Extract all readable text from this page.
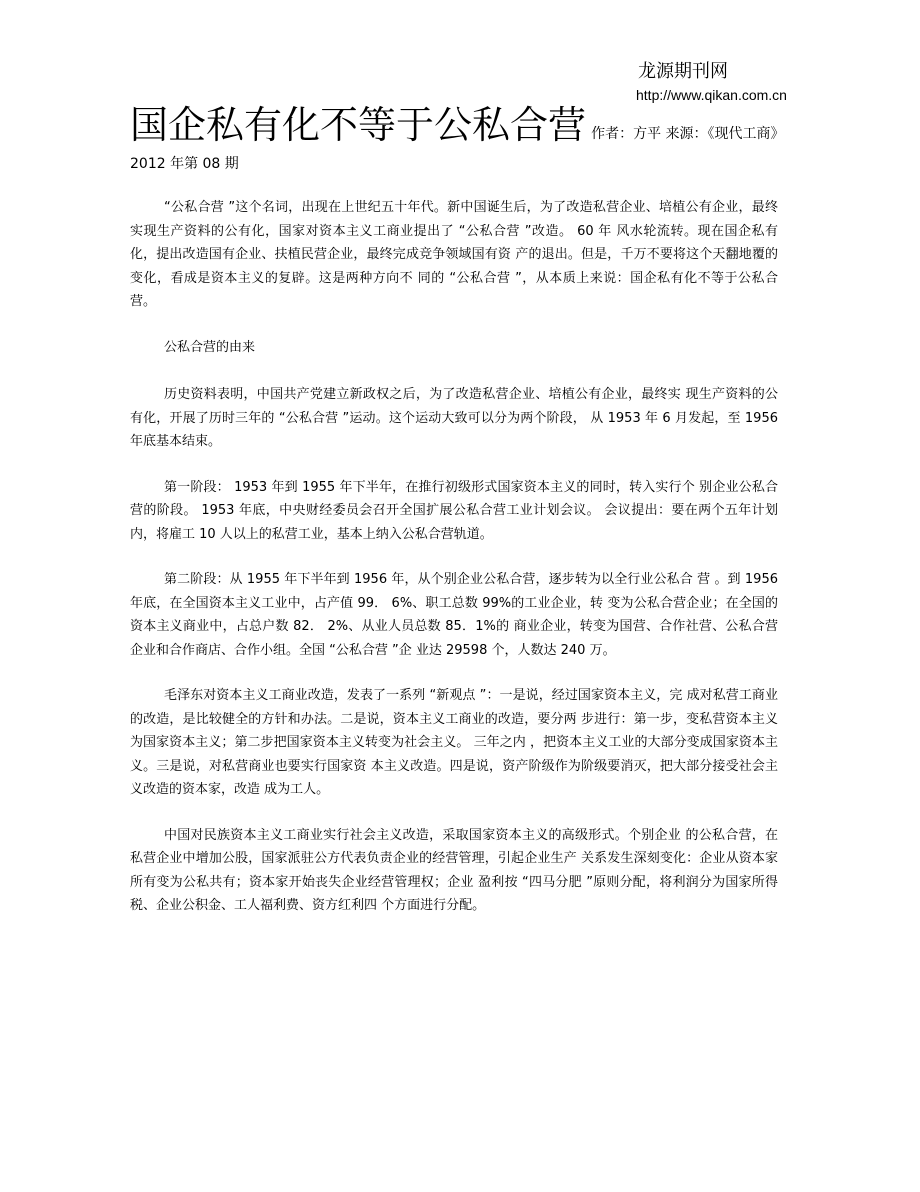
龙源期刊网
http://www.qikan.com.cn
国企私有化不等于公私合营 作者：方平 来源：《现代工商》 2012 年第 08 期

“公私合营 ”这个名词，出现在上世纪五十年代。新中国诞生后，为了改造私营企业、培植公有企业，最终实现生产资料的公有化，国家对资本主义工商业提出了 “公私合营 ”改造。 60 年 风水轮流转。现在国企私有化，提出改造国有企业、扶植民营企业，最终完成竞争领域国有资 产的退出。但是，千万不要将这个天翻地覆的变化，看成是资本主义的复辟。这是两种方向不 同的 “公私合营 ”，从本质上来说：国企私有化不等于公私合营。

公私合营的由来

历史资料表明，中国共产党建立新政权之后，为了改造私营企业、培植公有企业，最终实 现生产资料的公有化，开展了历时三年的 “公私合营 ”运动。这个运动大致可以分为两个阶段， 从 1953 年 6 月发起，至 1956 年底基本结束。

第一阶段： 1953 年到 1955 年下半年，在推行初级形式国家资本主义的同时，转入实行个 别企业公私合营的阶段。 1953 年底，中央财经委员会召开全国扩展公私合营工业计划会议。 会议提出：要在两个五年计划内，将雇工 10 人以上的私营工业，基本上纳入公私合营轨道。

第二阶段：从 1955 年下半年到 1956 年，从个别企业公私合营，逐步转为以全行业公私合 营 。到 1956 年底，在全国资本主义工业中，占产值 99． 6%、职工总数 99%的工业企业，转 变为公私合营企业；在全国的资本主义商业中，占总户数 82． 2%、从业人员总数 85．1%的 商业企业，转变为国营、合作社营、公私合营企业和合作商店、合作小组。全国 “公私合营 ”企 业达 29598 个，人数达 240 万。

毛泽东对资本主义工商业改造，发表了一系列 “新观点 ”：一是说，经过国家资本主义，完 成对私营工商业的改造，是比较健全的方针和办法。二是说，资本主义工商业的改造，要分两 步进行：第一步，变私营资本主义为国家资本主义；第二步把国家资本主义转变为社会主义。 三年之内 ，把资本主义工业的大部分变成国家资本主义。三是说，对私营商业也要实行国家资 本主义改造。四是说，资产阶级作为阶级要消灭，把大部分接受社会主义改造的资本家，改造 成为工人。

中国对民族资本主义工商业实行社会主义改造，采取国家资本主义的高级形式。个别企业 的公私合营，在私营企业中增加公股，国家派驻公方代表负责企业的经营管理，引起企业生产 关系发生深刻变化：企业从资本家所有变为公私共有；资本家开始丧失企业经营管理权；企业 盈利按 “四马分肥 ”原则分配，将利润分为国家所得税、企业公积金、工人福利费、资方红利四 个方面进行分配。
